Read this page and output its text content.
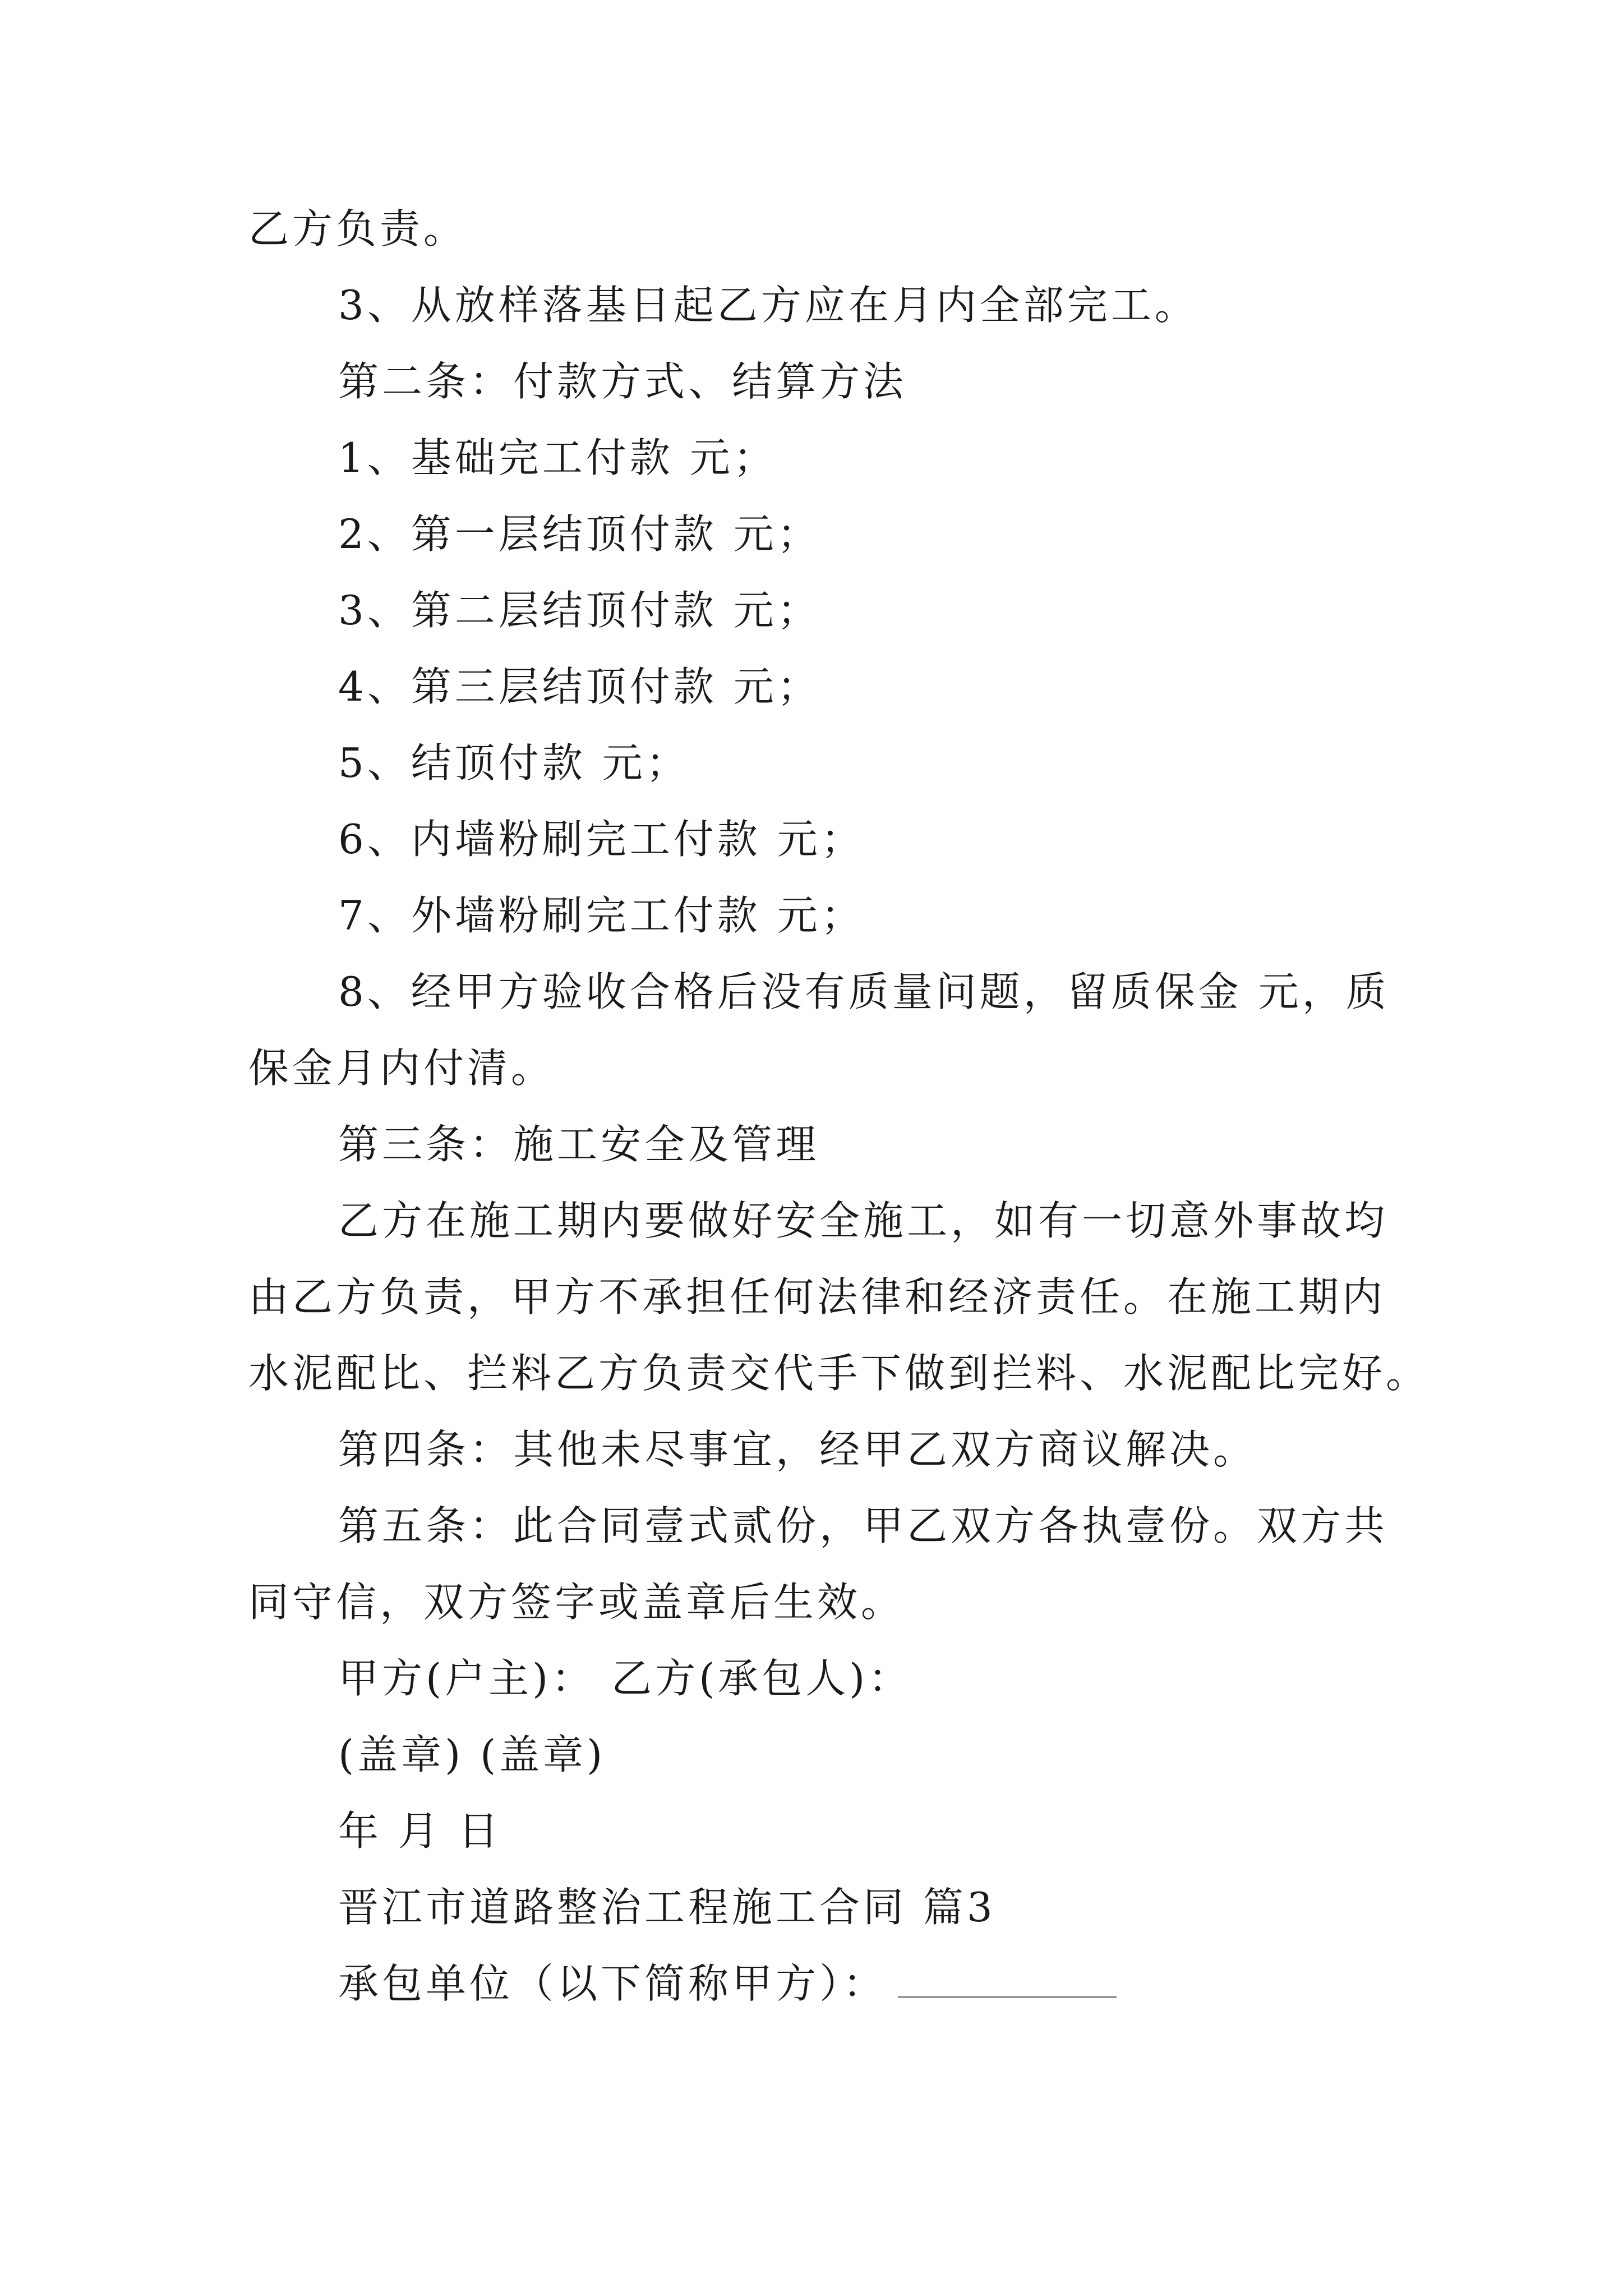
乙方负责。
3、从放样落基日起乙方应在月内全部完工。
第二条：付款方式、结算方法
1、基础完工付款 元；
2、第一层结顶付款 元；
3、第二层结顶付款 元；
4、第三层结顶付款 元；
5、结顶付款 元；
6、内墙粉刷完工付款 元；
7、外墙粉刷完工付款 元；
8、经甲方验收合格后没有质量问题，留质保金 元，质
保金月内付清。
第三条：施工安全及管理
乙方在施工期内要做好安全施工，如有一切意外事故均
由乙方负责，甲方不承担任何法律和经济责任。在施工期内
水泥配比、拦料乙方负责交代手下做到拦料、水泥配比完好。
第四条：其他未尽事宜，经甲乙双方商议解决。
第五条：此合同壹式贰份，甲乙双方各执壹份。双方共
同守信，双方签字或盖章后生效。
甲方(户主)： 乙方(承包人)：
(盖章) (盖章)
年 月 日
晋江市道路整治工程施工合同 篇3
承包单位（以下简称甲方）：
